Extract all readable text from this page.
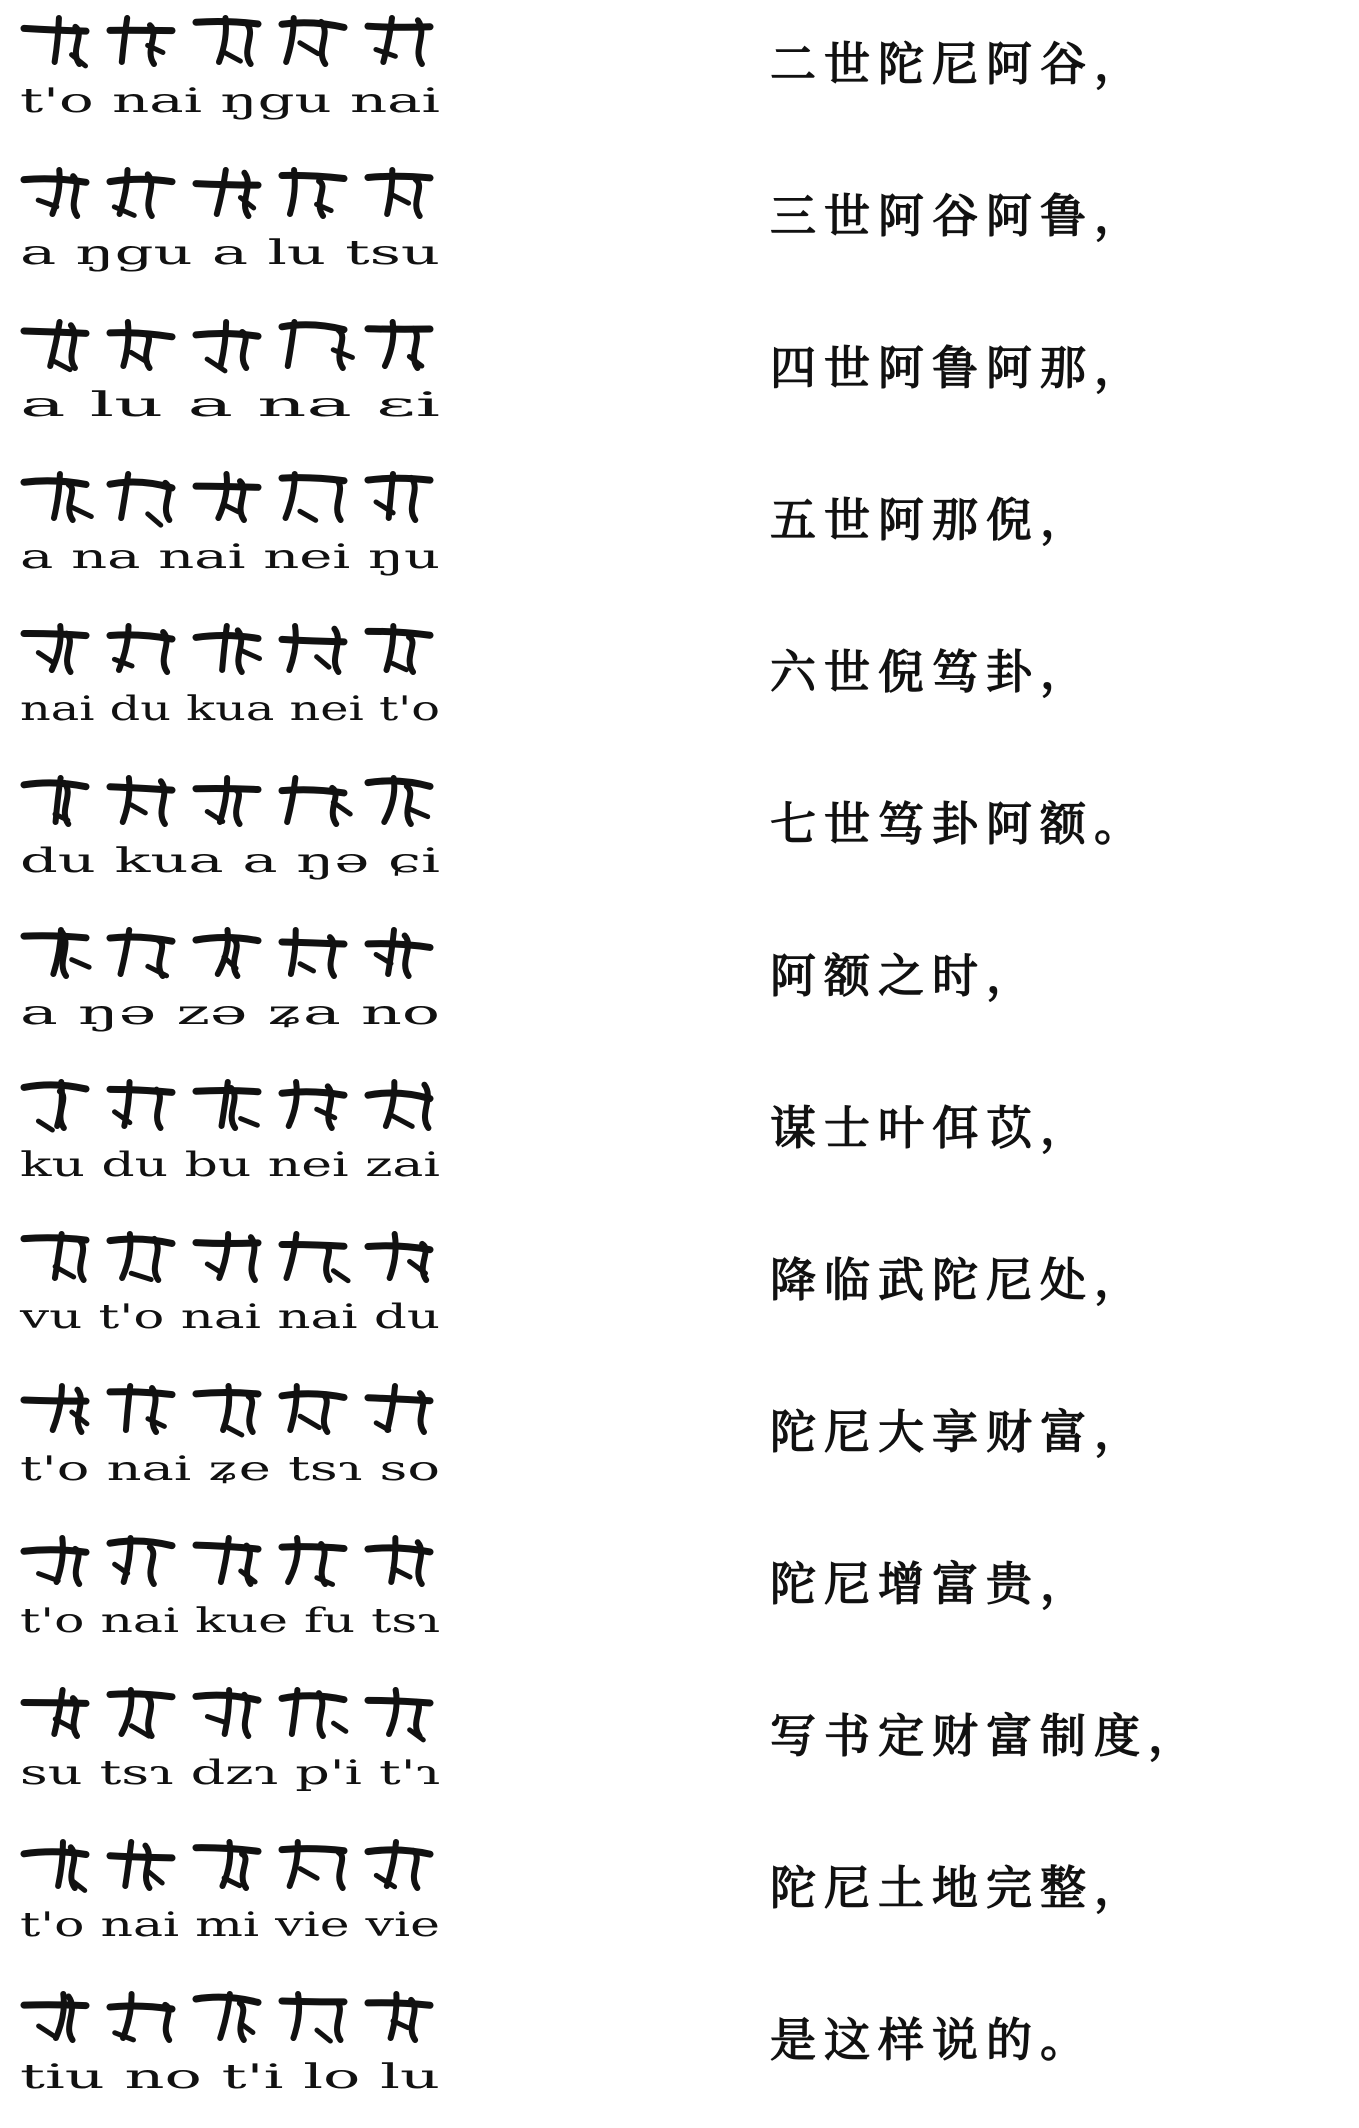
t'o nai ŋgu nai
二世陀尼阿谷，
a ŋgu a lu tsu
三世阿谷阿鲁，
a lu a na ɛi
四世阿鲁阿那，
a na nai nei ŋu
五世阿那倪，
nai du kua nei t'o
六世倪笃卦，
du kua a ŋə ɕi
七世笃卦阿额。
a ŋə zə ʑa no
阿额之时，
ku du bu nei zai
谋士叶佴苡，
vu t'o nai nai du
降临武陀尼处，
t'o nai ʑe tsɿ so
陀尼大享财富，
t'o nai kue fu tsɿ
陀尼增富贵，
su tsɿ dzɿ p'i t'ɿ
写书定财富制度，
t'o nai mi vie vie
陀尼土地完整，
tiu no t'i lo lu
是这样说的。
